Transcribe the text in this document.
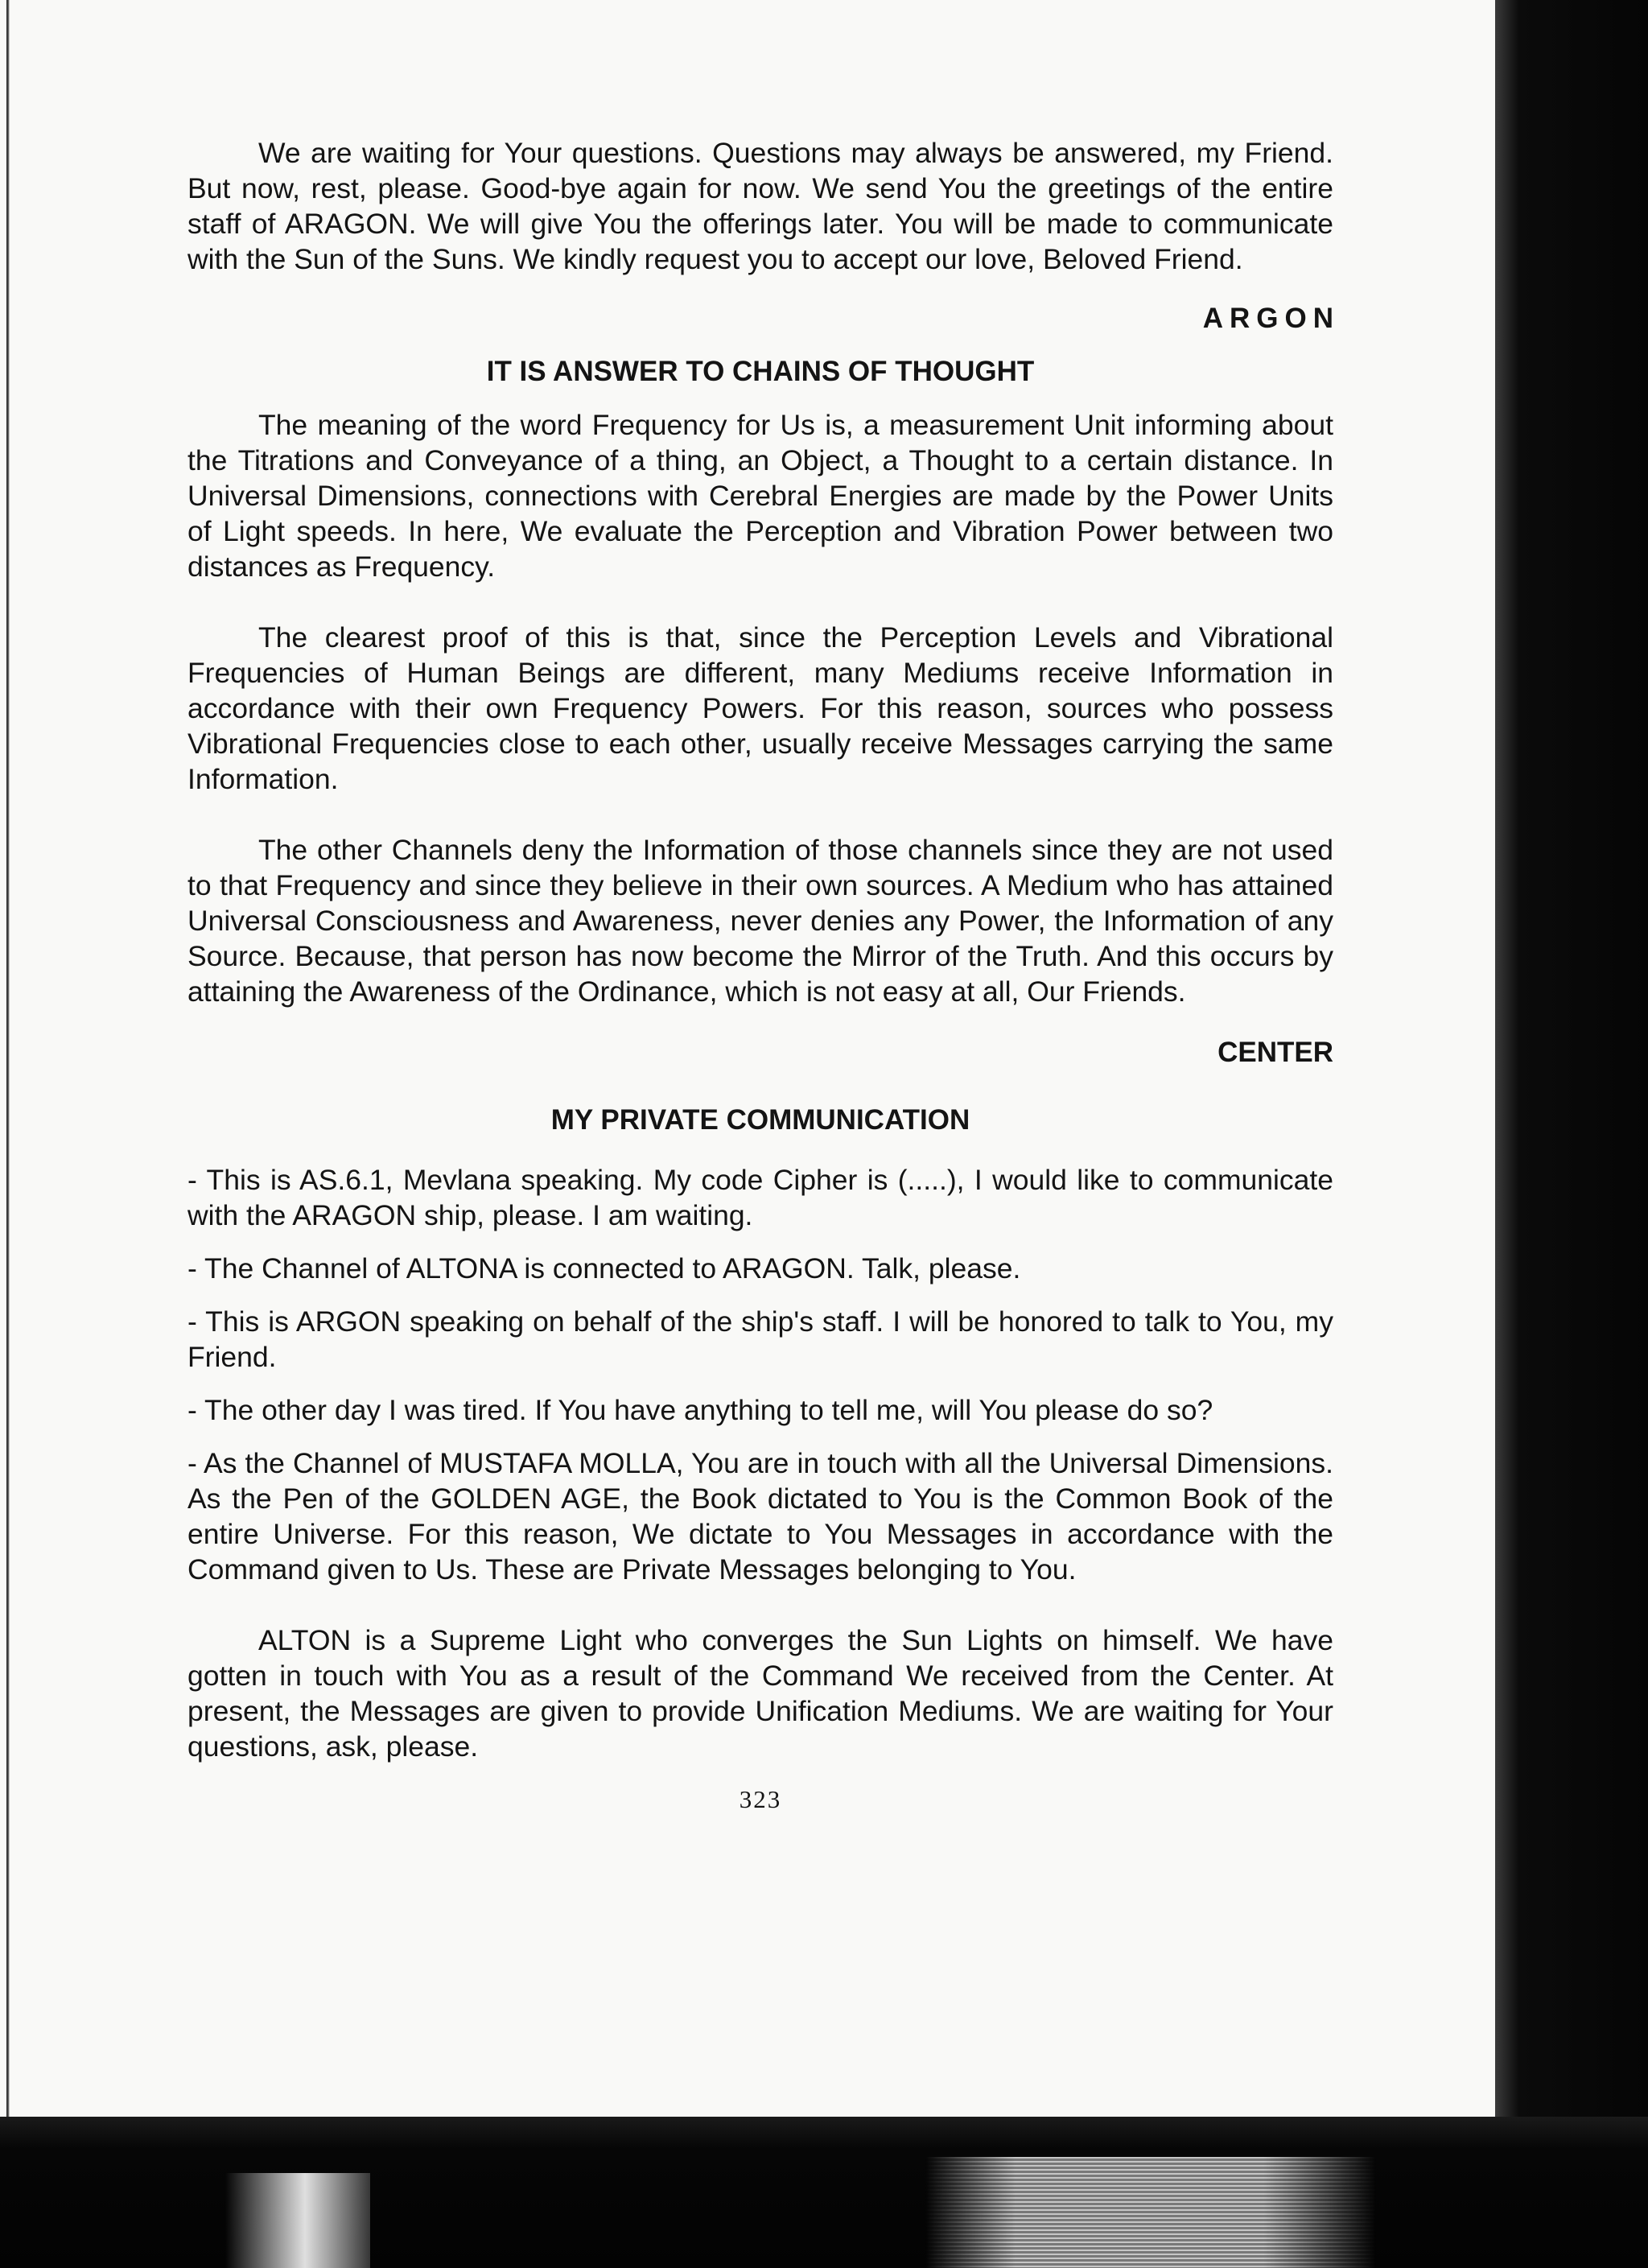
We are waiting for Your questions. Questions may always be answered, my Friend. But now, rest, please. Good-bye again for now. We send You the greetings of the entire staff of ARAGON. We will give You the offerings later. You will be made to communicate with the Sun of the Suns. We kindly request you to accept our love, Beloved Friend.

ARGON

IT IS ANSWER TO CHAINS OF THOUGHT

The meaning of the word Frequency for Us is, a measurement Unit informing about the Titrations and Conveyance of a thing, an Object, a Thought to a certain distance. In Universal Dimensions, connections with Cerebral Energies are made by the Power Units of Light speeds. In here, We evaluate the Perception and Vibration Power between two distances as Frequency.

The clearest proof of this is that, since the Perception Levels and Vibrational Frequencies of Human Beings are different, many Mediums receive Information in accordance with their own Frequency Powers. For this reason, sources who possess Vibrational Frequencies close to each other, usually receive Messages carrying the same Information.

The other Channels deny the Information of those channels since they are not used to that Frequency and since they believe in their own sources. A Medium who has attained Universal Consciousness and Awareness, never denies any Power, the Information of any Source. Because, that person has now become the Mirror of the Truth. And this occurs by attaining the Awareness of the Ordinance, which is not easy at all, Our Friends.

CENTER

MY PRIVATE COMMUNICATION

- This is AS.6.1, Mevlana speaking. My code Cipher is (.....), I would like to communicate with the ARAGON ship, please. I am waiting.

- The Channel of ALTONA is connected to ARAGON. Talk, please.

- This is ARGON speaking on behalf of the ship's staff. I will be honored to talk to You, my Friend.

- The other day I was tired. If You have anything to tell me, will You please do so?

- As the Channel of MUSTAFA MOLLA, You are in touch with all the Universal Dimensions. As the Pen of the GOLDEN AGE, the Book dictated to You is the Common Book of the entire Universe. For this reason, We dictate to You Messages in accordance with the Command given to Us. These are Private Messages belonging to You.

ALTON is a Supreme Light who converges the Sun Lights on himself. We have gotten in touch with You as a result of the Command We received from the Center. At present, the Messages are given to provide Unification Mediums. We are waiting for Your questions, ask, please.

323
